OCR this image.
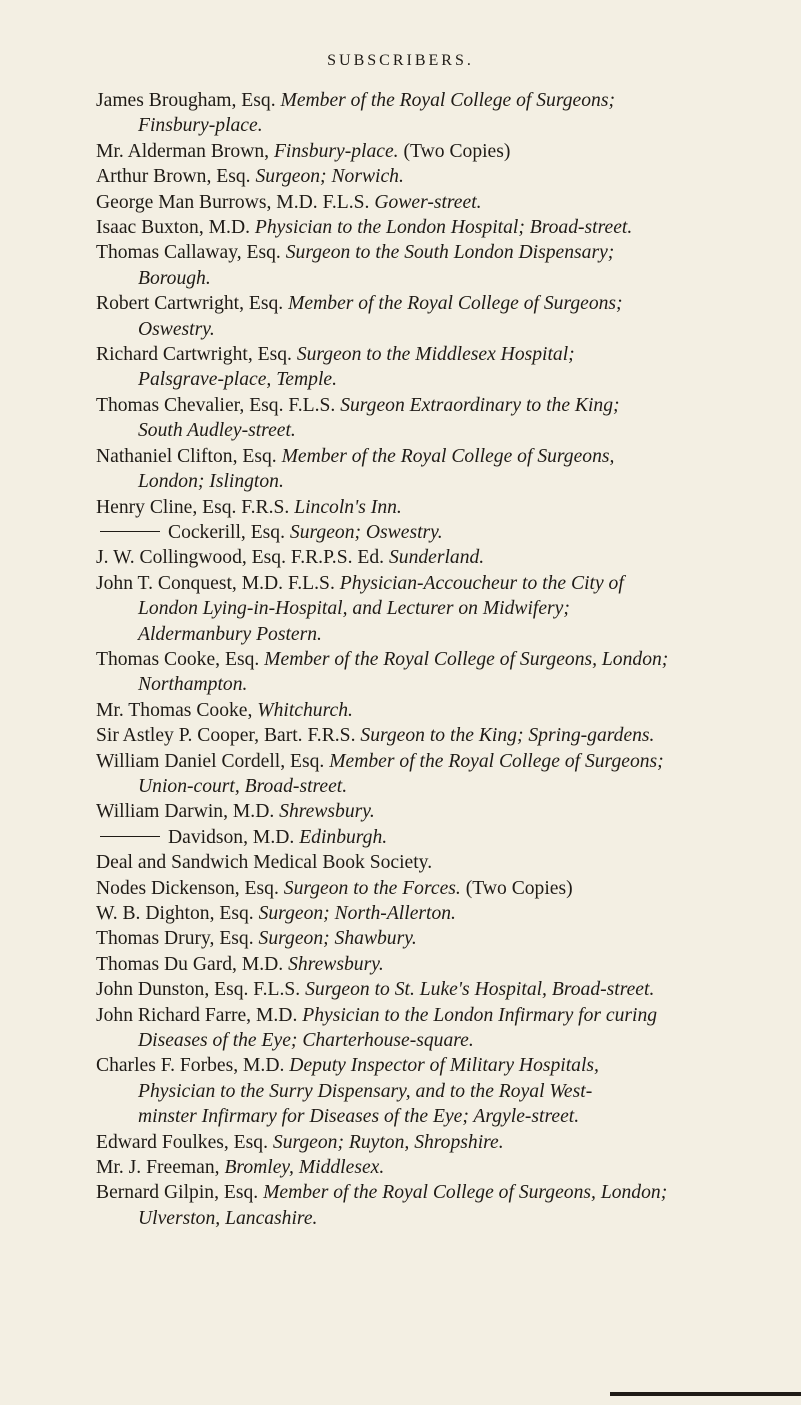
SUBSCRIBERS.
James Brougham, Esq. Member of the Royal College of Surgeons;
Finsbury-place.
Mr. Alderman Brown, Finsbury-place. (Two Copies)
Arthur Brown, Esq. Surgeon; Norwich.
George Man Burrows, M.D. F.L.S. Gower-street.
Isaac Buxton, M.D. Physician to the London Hospital; Broad-street.
Thomas Callaway, Esq. Surgeon to the South London Dispensary;
Borough.
Robert Cartwright, Esq. Member of the Royal College of Surgeons;
Oswestry.
Richard Cartwright, Esq. Surgeon to the Middlesex Hospital;
Palsgrave-place, Temple.
Thomas Chevalier, Esq. F.L.S. Surgeon Extraordinary to the King;
South Audley-street.
Nathaniel Clifton, Esq. Member of the Royal College of Surgeons,
London; Islington.
Henry Cline, Esq. F.R.S. Lincoln's Inn.
Cockerill, Esq. Surgeon; Oswestry.
J. W. Collingwood, Esq. F.R.P.S. Ed. Sunderland.
John T. Conquest, M.D. F.L.S. Physician-Accoucheur to the City of
London Lying-in-Hospital, and Lecturer on Midwifery;
Aldermanbury Postern.
Thomas Cooke, Esq. Member of the Royal College of Surgeons, London;
Northampton.
Mr. Thomas Cooke, Whitchurch.
Sir Astley P. Cooper, Bart. F.R.S. Surgeon to the King; Spring-gardens.
William Daniel Cordell, Esq. Member of the Royal College of Surgeons;
Union-court, Broad-street.
William Darwin, M.D. Shrewsbury.
Davidson, M.D. Edinburgh.
Deal and Sandwich Medical Book Society.
Nodes Dickenson, Esq. Surgeon to the Forces. (Two Copies)
W. B. Dighton, Esq. Surgeon; North-Allerton.
Thomas Drury, Esq. Surgeon; Shawbury.
Thomas Du Gard, M.D. Shrewsbury.
John Dunston, Esq. F.L.S. Surgeon to St. Luke's Hospital, Broad-street.
John Richard Farre, M.D. Physician to the London Infirmary for curing
Diseases of the Eye; Charterhouse-square.
Charles F. Forbes, M.D. Deputy Inspector of Military Hospitals,
Physician to the Surry Dispensary, and to the Royal West-
minster Infirmary for Diseases of the Eye; Argyle-street.
Edward Foulkes, Esq. Surgeon; Ruyton, Shropshire.
Mr. J. Freeman, Bromley, Middlesex.
Bernard Gilpin, Esq. Member of the Royal College of Surgeons, London;
Ulverston, Lancashire.
